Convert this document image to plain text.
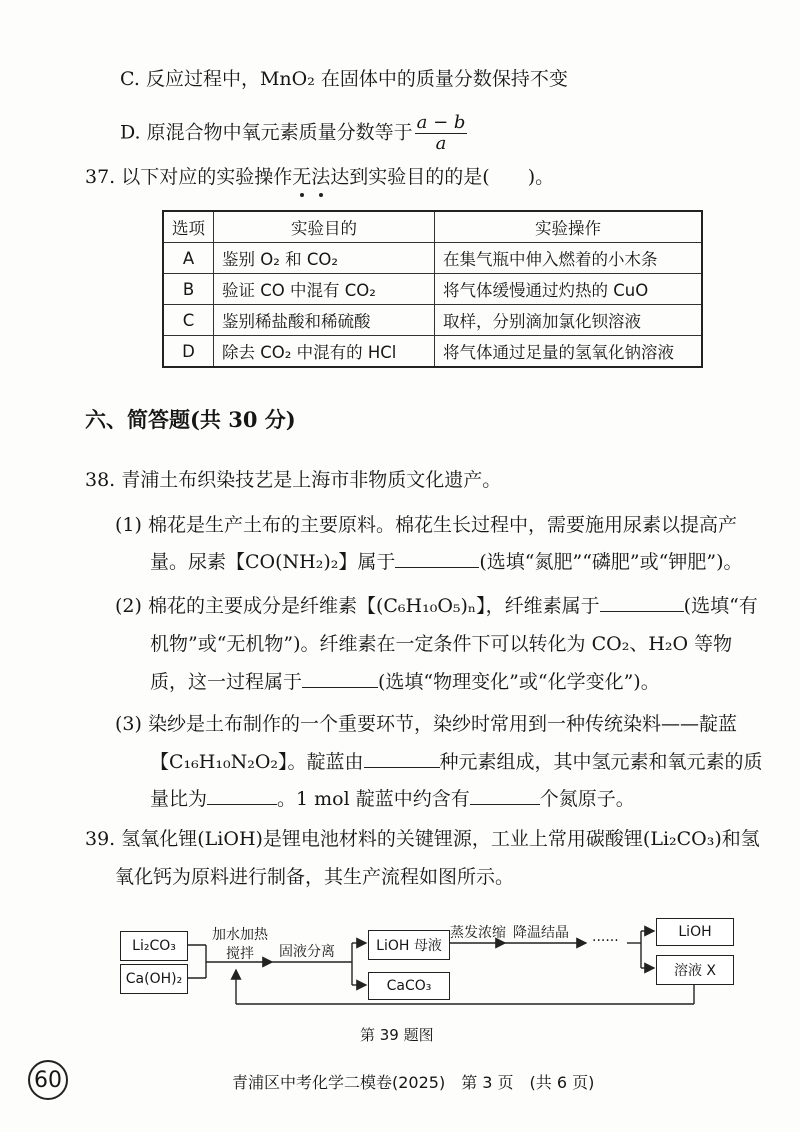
C. 反应过程中，MnO₂ 在固体中的质量分数保持不变
D. 原混合物中氧元素质量分数等于 $\frac{a - b}{a}$
37. 以下对应的实验操作无法达到实验目的的是(　　)。
选项	实验目的	实验操作
A	鉴别 O₂ 和 CO₂	在集气瓶中伸入燃着的小木条
B	验证 CO 中混有 CO₂	将气体缓慢通过灼热的 CuO
C	鉴别稀盐酸和稀硫酸	取样，分别滴加氯化钡溶液
D	除去 CO₂ 中混有的 HCl	将气体通过足量的氢氧化钠溶液
六、简答题(共 30 分)
38. 青浦土布织染技艺是上海市非物质文化遗产。
(1) 棉花是生产土布的主要原料。棉花生长过程中，需要施用尿素以提高产
量。尿素【CO(NH₂)₂】属于	(选填“氮肥”“磷肥”或“钾肥”)。
(2) 棉花的主要成分是纤维素【(C₆H₁₀O₅)ₙ】，纤维素属于	(选填“有
机物”或“无机物”)。纤维素在一定条件下可以转化为 CO₂、H₂O 等物
质，这一过程属于	(选填“物理变化”或“化学变化”)。
(3) 染纱是土布制作的一个重要环节，染纱时常用到一种传统染料——靛蓝
【C₁₆H₁₀N₂O₂】。靛蓝由	种元素组成，其中氢元素和氧元素的质
量比为	。1 mol 靛蓝中约含有	个氮原子。
39. 氢氧化锂(LiOH)是锂电池材料的关键锂源，工业上常用碳酸锂(Li₂CO₃)和氢
氧化钙为原料进行制备，其生产流程如图所示。
Li₂CO₃
Ca(OH)₂
加水加热
搅拌 固液分离	LiOH 母液
CaCO₃
蒸发浓缩 降温结晶 ······
LiOH
溶液 X
第 39 题图
60	青浦区中考化学二模卷(2025)　第 3 页　(共 6 页)
